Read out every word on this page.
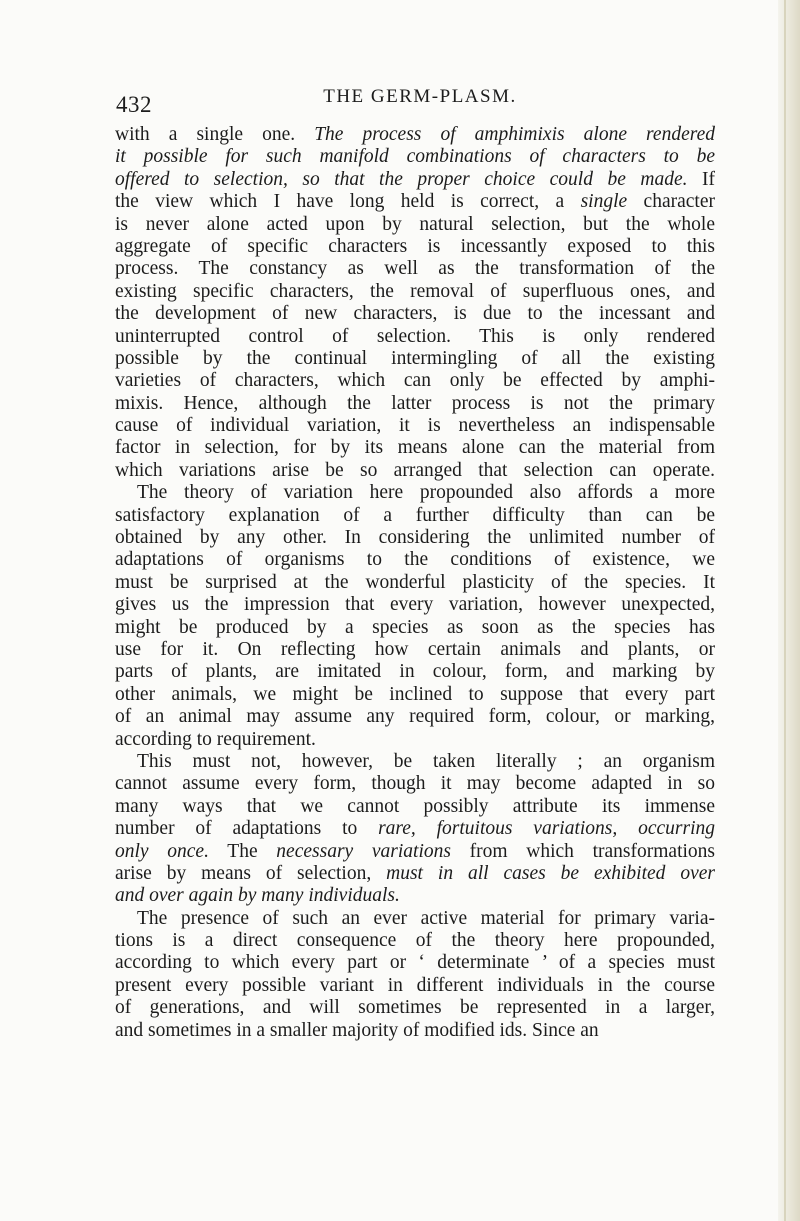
432	THE GERM-PLASM.
with a single one. The process of amphimixis alone rendered
it possible for such manifold combinations of characters to be
offered to selection, so that the proper choice could be made. If
the view which I have long held is correct, a single character
is never alone acted upon by natural selection, but the whole
aggregate of specific characters is incessantly exposed to this
process. The constancy as well as the transformation of the
existing specific characters, the removal of superfluous ones, and
the development of new characters, is due to the incessant and
uninterrupted control of selection. This is only rendered
possible by the continual intermingling of all the existing
varieties of characters, which can only be effected by amphi-
mixis. Hence, although the latter process is not the primary
cause of individual variation, it is nevertheless an indispensable
factor in selection, for by its means alone can the material from
which variations arise be so arranged that selection can operate.
The theory of variation here propounded also affords a more
satisfactory explanation of a further difficulty than can be
obtained by any other. In considering the unlimited number of
adaptations of organisms to the conditions of existence, we
must be surprised at the wonderful plasticity of the species. It
gives us the impression that every variation, however unexpected,
might be produced by a species as soon as the species has
use for it. On reflecting how certain animals and plants, or
parts of plants, are imitated in colour, form, and marking by
other animals, we might be inclined to suppose that every part
of an animal may assume any required form, colour, or marking,
according to requirement.
This must not, however, be taken literally ; an organism
cannot assume every form, though it may become adapted in so
many ways that we cannot possibly attribute its immense
number of adaptations to rare, fortuitous variations, occurring
only once. The necessary variations from which transformations
arise by means of selection, must in all cases be exhibited over
and over again by many individuals.
The presence of such an ever active material for primary varia-
tions is a direct consequence of the theory here propounded,
according to which every part or ‘ determinate ’ of a species must
present every possible variant in different individuals in the course
of generations, and will sometimes be represented in a larger,
and sometimes in a smaller majority of modified ids. Since an
